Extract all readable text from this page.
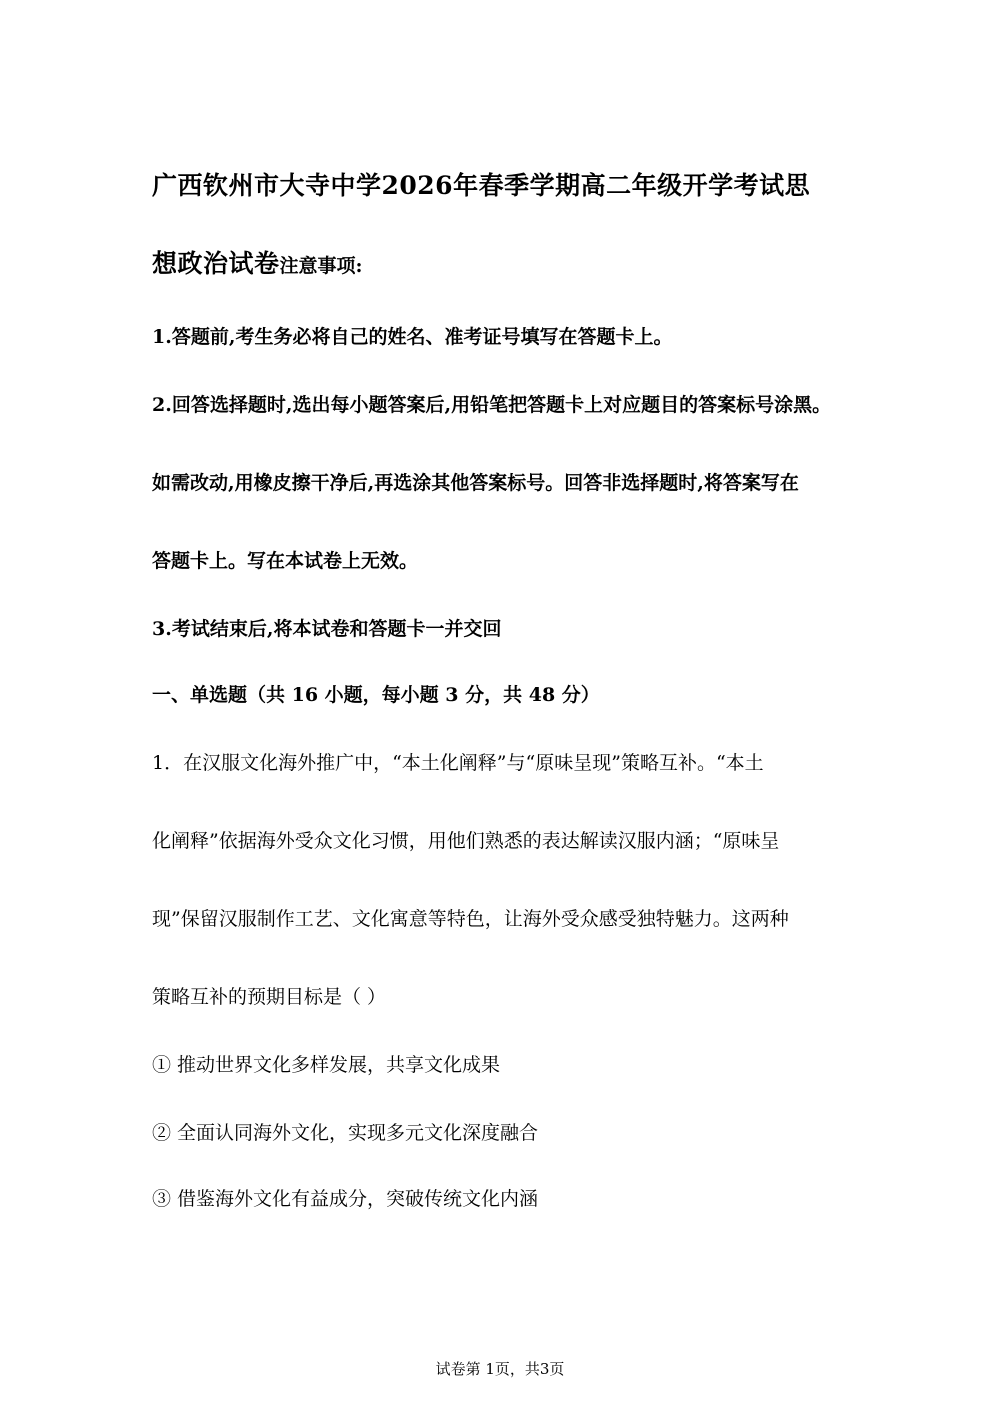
广西钦州市大寺中学2026年春季学期高二年级开学考试思
想政治试卷注意事项:
1.答题前,考生务必将自己的姓名、准考证号填写在答题卡上。
2.回答选择题时,选出每小题答案后,用铅笔把答题卡上对应题目的答案标号涂黑。
如需改动,用橡皮擦干净后,再选涂其他答案标号。回答非选择题时,将答案写在
答题卡上。写在本试卷上无效。
3.考试结束后,将本试卷和答题卡一并交回
一、单选题（共 16 小题，每小题 3 分，共 48 分）
1．在汉服文化海外推广中，“本土化阐释”与“原味呈现”策略互补。“本土
化阐释”依据海外受众文化习惯，用他们熟悉的表达解读汉服内涵；“原味呈
现”保留汉服制作工艺、文化寓意等特色，让海外受众感受独特魅力。这两种
策略互补的预期目标是（ ）
① 推动世界文化多样发展，共享文化成果
② 全面认同海外文化，实现多元文化深度融合
③ 借鉴海外文化有益成分，突破传统文化内涵
试卷第 1页，共3页
